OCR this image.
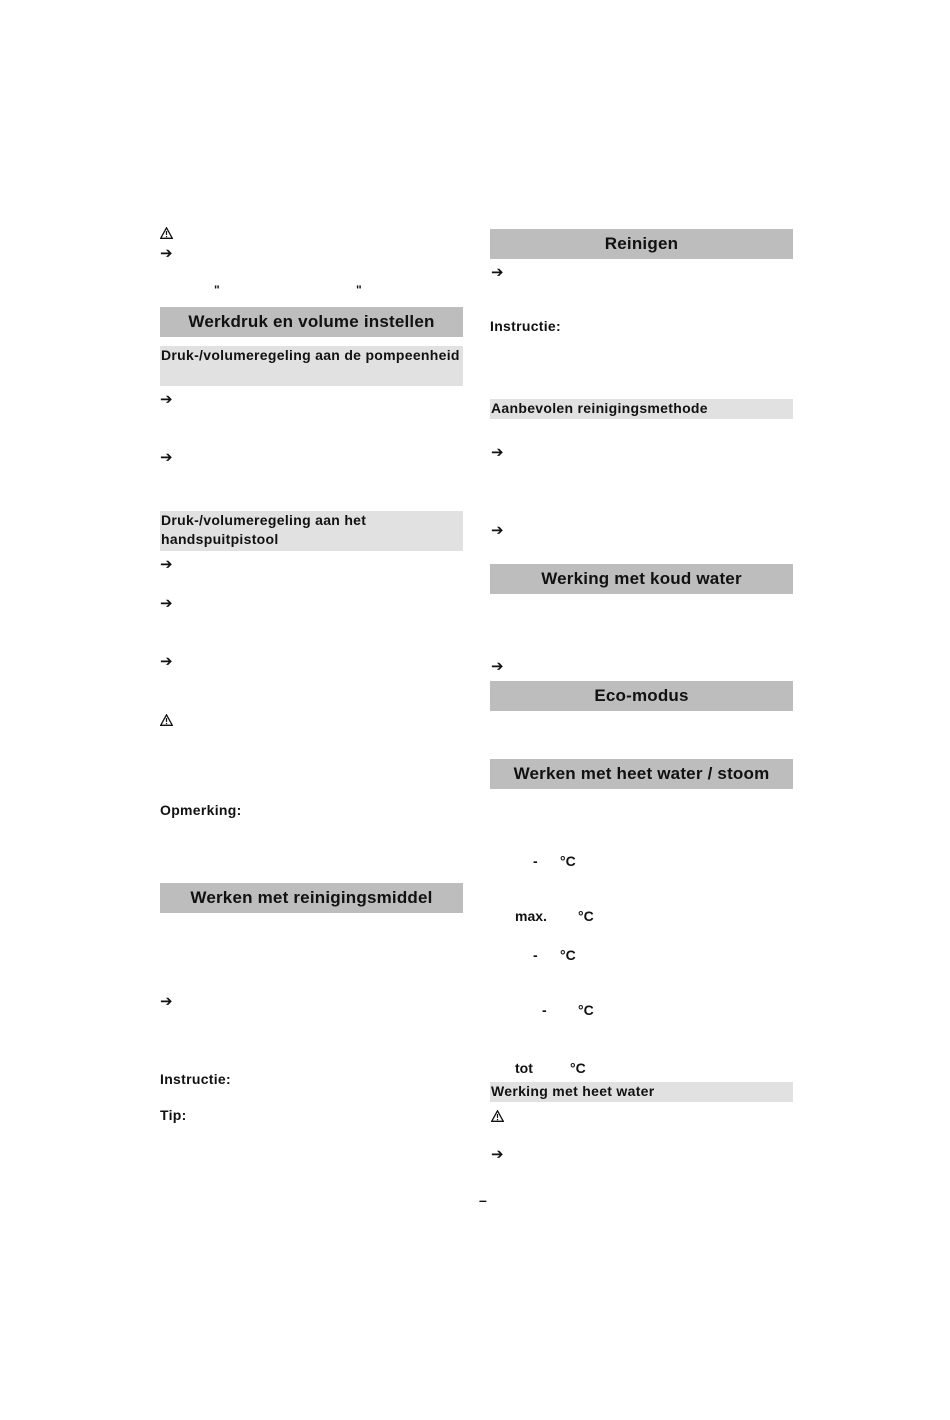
➔
"	"
Werkdruk en volume instellen
Druk-/volumeregeling aan de pompeenheid
➔
➔
Druk-/volumeregeling aan het handspuitpistool
➔
➔
➔
Opmerking:
Werken met reinigingsmiddel
➔
Instructie:
Tip:
Reinigen
➔
Instructie:
Aanbevolen reinigingsmethode
➔
➔
Werking met koud water
➔
Eco-modus
Werken met heet water / stoom
- °C
max. °C
- °C
- °C
tot	°C
Werking met heet water
➔
–
